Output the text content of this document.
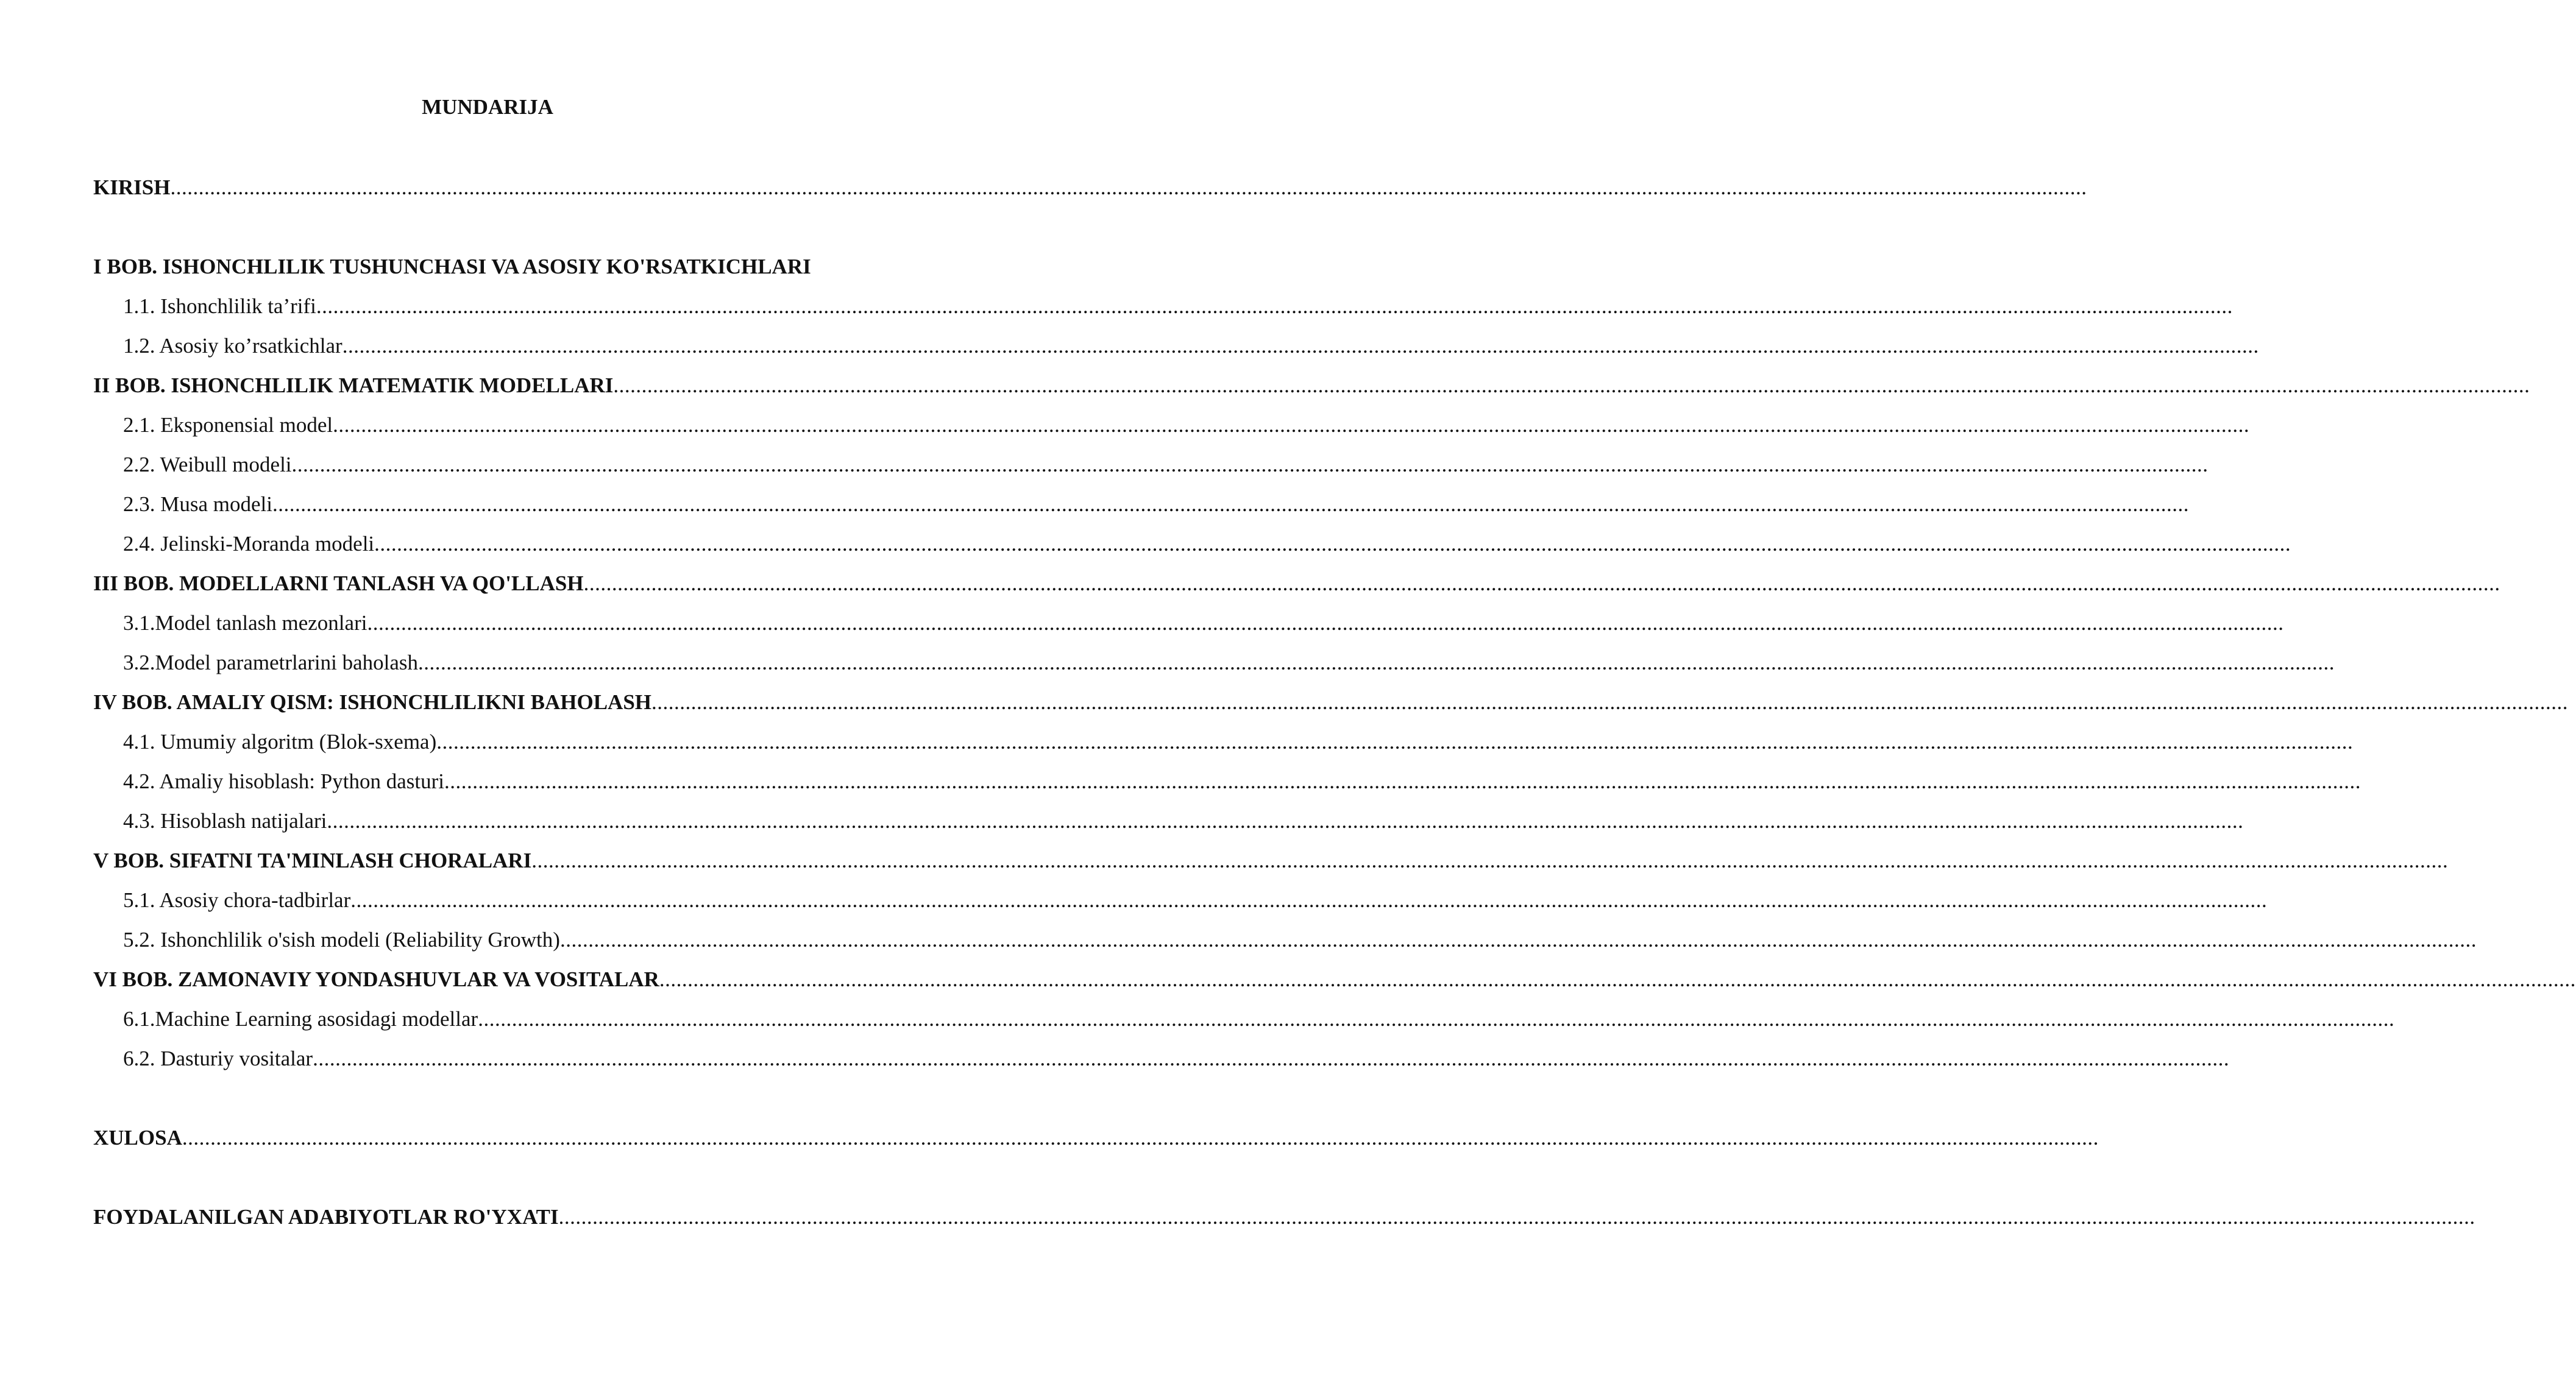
MUNDARIJA
KIRISH ....................................................................................................................................................................................................................................................................................................................................................
I BOB. ISHONCHLILIK TUSHUNCHASI VA ASOSIY KO'RSATKICHLARI
1.1. Ishonchlilik ta’rifi ....................................................................................................................................................................................................................................................................................................................................................
1.2. Asosiy ko’rsatkichlar ....................................................................................................................................................................................................................................................................................................................................................
II BOB. ISHONCHLILIK MATEMATIK MODELLARI ....................................................................................................................................................................................................................................................................................................................................................
2.1. Eksponensial model ....................................................................................................................................................................................................................................................................................................................................................
2.2. Weibull modeli ....................................................................................................................................................................................................................................................................................................................................................
2.3. Musa modeli ....................................................................................................................................................................................................................................................................................................................................................
2.4. Jelinski-Moranda modeli ....................................................................................................................................................................................................................................................................................................................................................
III BOB. MODELLARNI TANLASH VA QO'LLASH ....................................................................................................................................................................................................................................................................................................................................................
3.1.Model tanlash mezonlari ....................................................................................................................................................................................................................................................................................................................................................
3.2.Model parametrlarini baholash ....................................................................................................................................................................................................................................................................................................................................................
IV BOB. AMALIY QISM: ISHONCHLILIKNI BAHOLASH ....................................................................................................................................................................................................................................................................................................................................................
4.1. Umumiy algoritm (Blok-sxema) ....................................................................................................................................................................................................................................................................................................................................................
4.2. Amaliy hisoblash: Python dasturi ....................................................................................................................................................................................................................................................................................................................................................
4.3. Hisoblash natijalari ....................................................................................................................................................................................................................................................................................................................................................
V BOB. SIFATNI TA'MINLASH CHORALARI ....................................................................................................................................................................................................................................................................................................................................................
5.1. Asosiy chora-tadbirlar ....................................................................................................................................................................................................................................................................................................................................................
5.2. Ishonchlilik o'sish modeli (Reliability Growth) ....................................................................................................................................................................................................................................................................................................................................................
VI BOB. ZAMONAVIY YONDASHUVLAR VA VOSITALAR ....................................................................................................................................................................................................................................................................................................................................................
6.1.Machine Learning asosidagi modellar ....................................................................................................................................................................................................................................................................................................................................................
6.2. Dasturiy vositalar ....................................................................................................................................................................................................................................................................................................................................................
XULOSA ....................................................................................................................................................................................................................................................................................................................................................
FOYDALANILGAN ADABIYOTLAR RO'YXATI ....................................................................................................................................................................................................................................................................................................................................................
